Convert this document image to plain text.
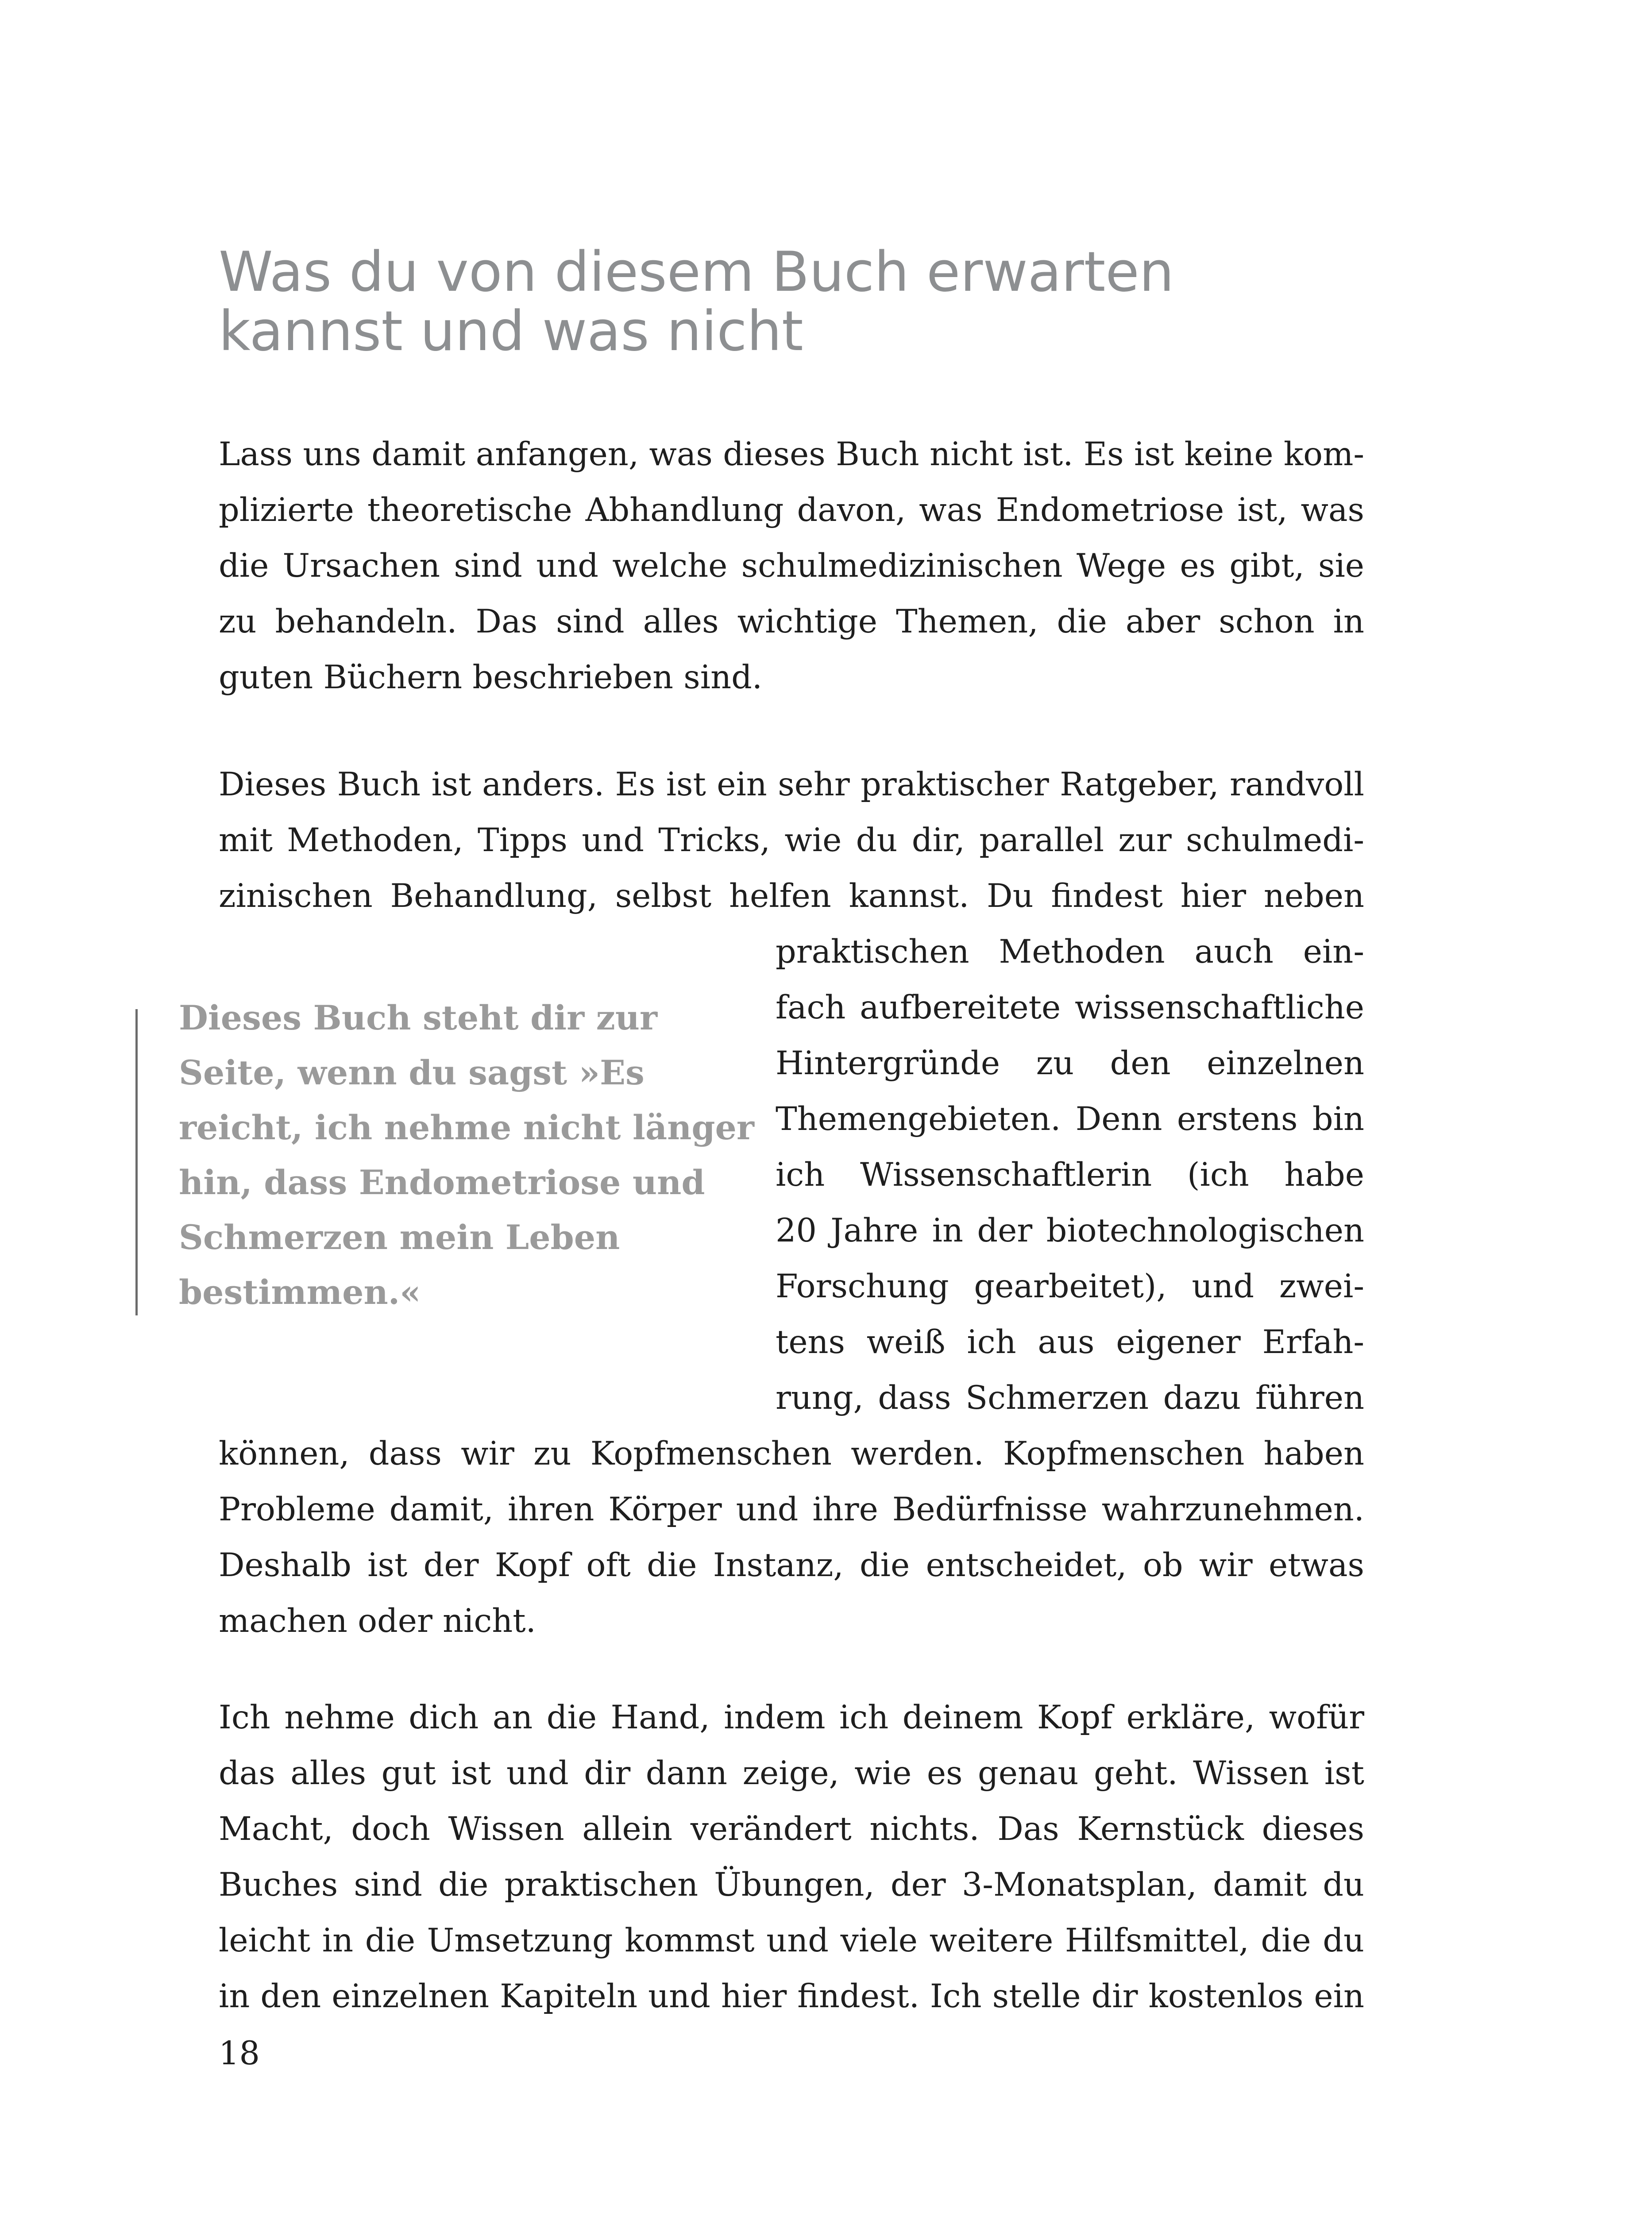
Was du von diesem Buch erwarten
kannst und was nicht
Lass uns damit anfangen, was dieses Buch nicht ist. Es ist keine kom-
plizierte theoretische Abhandlung davon, was Endometriose ist, was
die Ursachen sind und welche schulmedizinischen Wege es gibt, sie
zu behandeln. Das sind alles wichtige Themen, die aber schon in
guten Büchern beschrieben sind.
Dieses Buch ist anders. Es ist ein sehr praktischer Ratgeber, randvoll
mit Methoden, Tipps und Tricks, wie du dir, parallel zur schulmedi-
zinischen Behandlung, selbst helfen kannst. Du findest hier neben
praktischen Methoden auch ein-
fach aufbereitete wissenschaftliche
Hintergründe zu den einzelnen
Themengebieten. Denn erstens bin
ich Wissenschaftlerin (ich habe
20 Jahre in der biotechnologischen
Forschung gearbeitet), und zwei-
tens weiß ich aus eigener Erfah-
rung, dass Schmerzen dazu führen
können, dass wir zu Kopfmenschen werden. Kopfmenschen haben
Probleme damit, ihren Körper und ihre Bedürfnisse wahrzunehmen.
Deshalb ist der Kopf oft die Instanz, die entscheidet, ob wir etwas
machen oder nicht.
Dieses Buch steht dir zur
Seite, wenn du sagst »Es
reicht, ich nehme nicht länger
hin, dass Endometriose und
Schmerzen mein Leben
bestimmen.«
Ich nehme dich an die Hand, indem ich deinem Kopf erkläre, wofür
das alles gut ist und dir dann zeige, wie es genau geht. Wissen ist
Macht, doch Wissen allein verändert nichts. Das Kernstück dieses
Buches sind die praktischen Übungen, der 3-Monatsplan, damit du
leicht in die Umsetzung kommst und viele weitere Hilfsmittel, die du
in den einzelnen Kapiteln und hier findest. Ich stelle dir kostenlos ein
18
